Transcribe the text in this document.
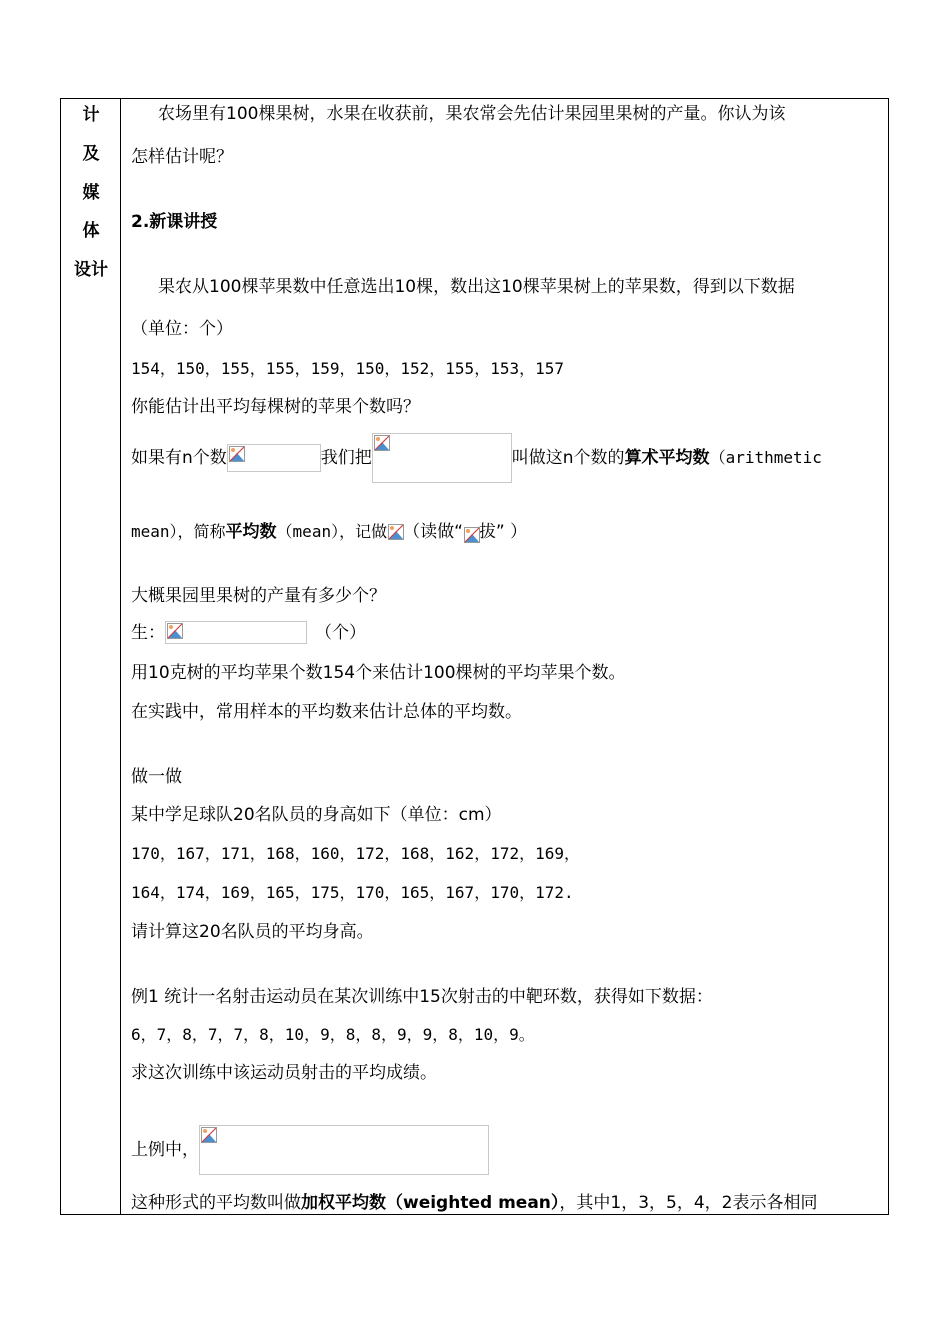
计
及
媒
体
设计
农场里有100棵果树，水果在收获前，果农常会先估计果园里果树的产量。你认为该
怎样估计呢？
2.新课讲授
果农从100棵苹果数中任意选出10棵，数出这10棵苹果树上的苹果数，得到以下数据
（单位：个）
154，150，155，155，159，150，152，155，153，157
你能估计出平均每棵树的苹果个数吗？
如果有n个数	我们把	叫做这n个数的 算术平均数 （arithmetic
mean），简称 平均数 （mean），记做 （读做“ 拔” ）
大概果园里果树的产量有多少个？
生：	（个）
用10克树的平均苹果个数154个来估计100棵树的平均苹果个数。
在实践中，常用样本的平均数来估计总体的平均数。
做一做
某中学足球队20名队员的身高如下（单位：cm）
170，167，171，168，160，172，168，162，172，169，
164，174，169，165，175，170，165，167，170，172.
请计算这20名队员的平均身高。
例1 统计一名射击运动员在某次训练中15次射击的中靶环数，获得如下数据：
6，7，8，7，7，8，10，9，8，8，9，9，8，10，9。
求这次训练中该运动员射击的平均成绩。
上例中，
这种形式的平均数叫做加权平均数（weighted mean），其中1，3，5，4，2表示各相同
